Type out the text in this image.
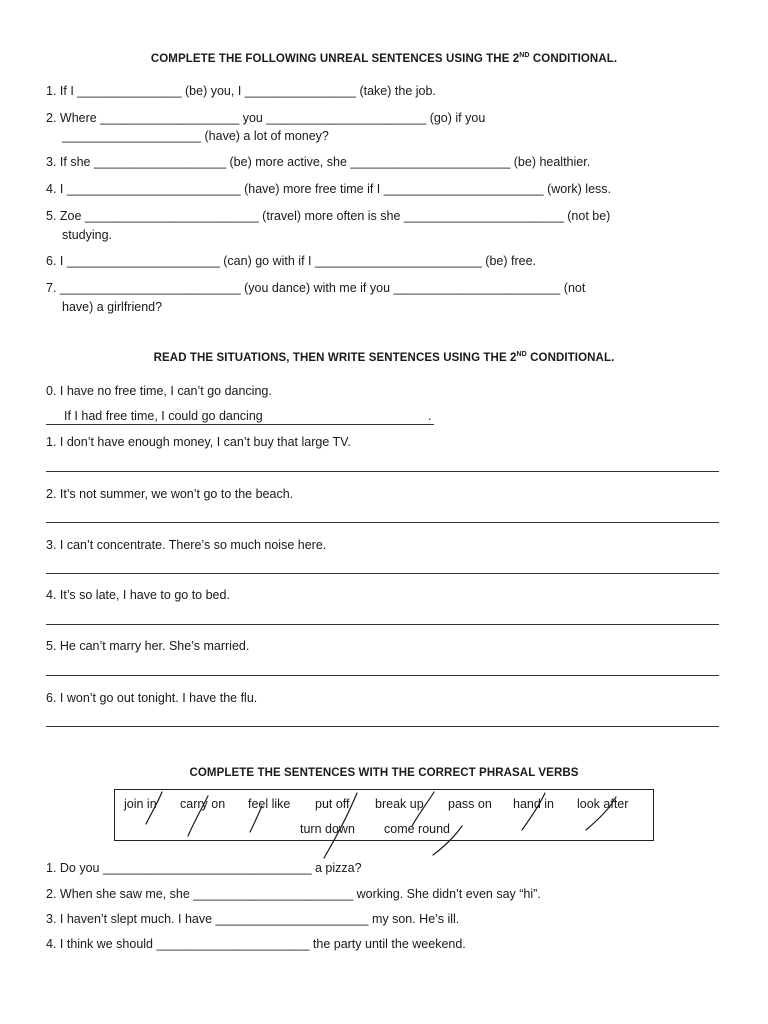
COMPLETE THE FOLLOWING UNREAL SENTENCES USING THE 2ND CONDITIONAL.
1. If I _______________ (be) you, I ________________ (take) the job.
2. Where ____________________ you _______________________ (go) if you
____________________ (have) a lot of money?
3. If she ___________________ (be) more active, she _______________________ (be) healthier.
4. I _________________________ (have) more free time if I _______________________ (work) less.
5. Zoe _________________________ (travel) more often is she _______________________ (not be)
studying.
6. I ______________________ (can) go with if I ________________________ (be) free.
7. __________________________ (you dance) with me if you ________________________ (not
have) a girlfriend?
READ THE SITUATIONS, THEN WRITE SENTENCES USING THE 2ND CONDITIONAL.
0. I have no free time, I can’t go dancing.
If I had free time, I could go dancing	.
1. I don’t have enough money, I can’t buy that large TV.
2. It’s not summer, we won’t go to the beach.
3. I can’t concentrate. There’s so much noise here.
4. It’s so late, I have to go to bed.
5. He can’t marry her. She’s married.
6. I won’t go out tonight. I have the flu.
COMPLETE THE SENTENCES WITH THE CORRECT PHRASAL VERBS
join in carry on feel like put off break up pass on hand in look after
turn down come round
1. Do you ______________________________ a pizza?
2. When she saw me, she _______________________ working. She didn’t even say “hi”.
3. I haven’t slept much. I have ______________________ my son. He’s ill.
4. I think we should ______________________ the party until the weekend.
